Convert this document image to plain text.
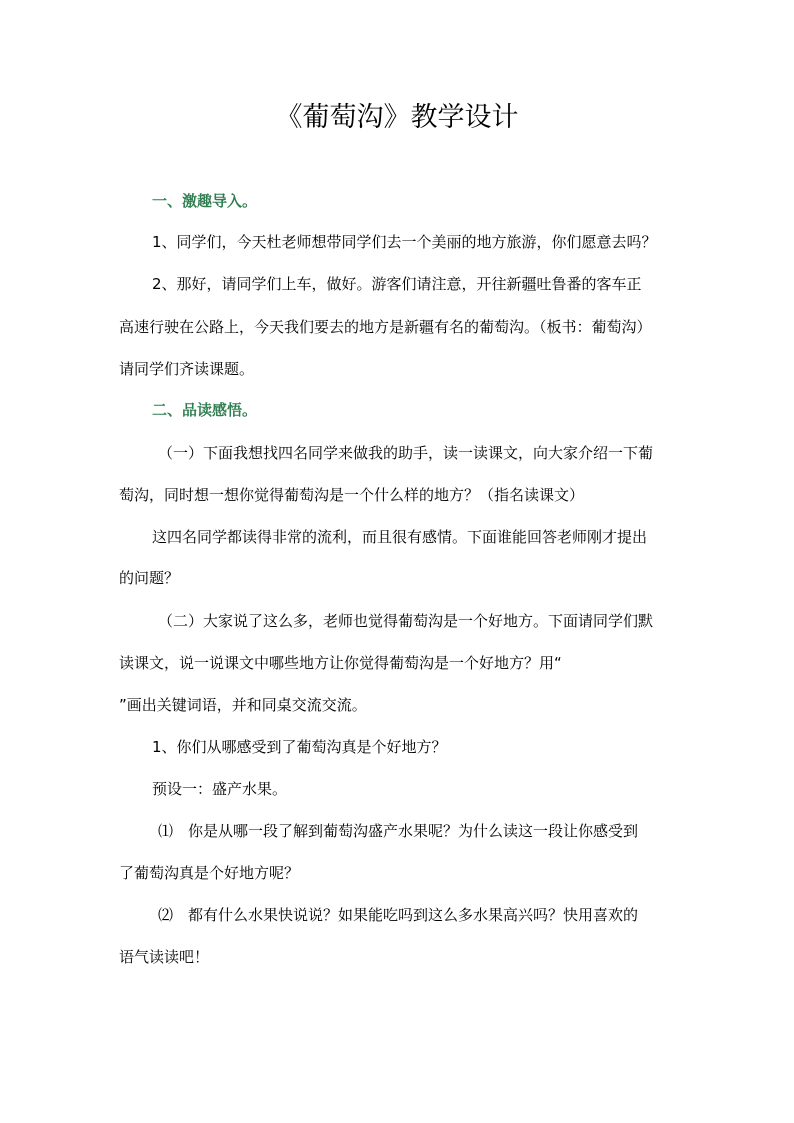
《葡萄沟》教学设计

一、激趣导入。

1、同学们，今天杜老师想带同学们去一个美丽的地方旅游，你们愿意去吗？

2、那好，请同学们上车，做好。游客们请注意，开往新疆吐鲁番的客车正

高速行驶在公路上，今天我们要去的地方是新疆有名的葡萄沟。（板书：葡萄沟）

请同学们齐读课题。

二、品读感悟。

（一）下面我想找四名同学来做我的助手，读一读课文，向大家介绍一下葡

萄沟，同时想一想你觉得葡萄沟是一个什么样的地方？（指名读课文）

这四名同学都读得非常的流利，而且很有感情。下面谁能回答老师刚才提出

的问题？

（二）大家说了这么多，老师也觉得葡萄沟是一个好地方。下面请同学们默

读课文，说一说课文中哪些地方让你觉得葡萄沟是一个好地方？用“

”画出关键词语，并和同桌交流交流。

1、你们从哪感受到了葡萄沟真是个好地方？

预设一：盛产水果。

⑴　你是从哪一段了解到葡萄沟盛产水果呢？为什么读这一段让你感受到

了葡萄沟真是个好地方呢？

⑵　都有什么水果快说说？如果能吃吗到这么多水果高兴吗？快用喜欢的

语气读读吧！
